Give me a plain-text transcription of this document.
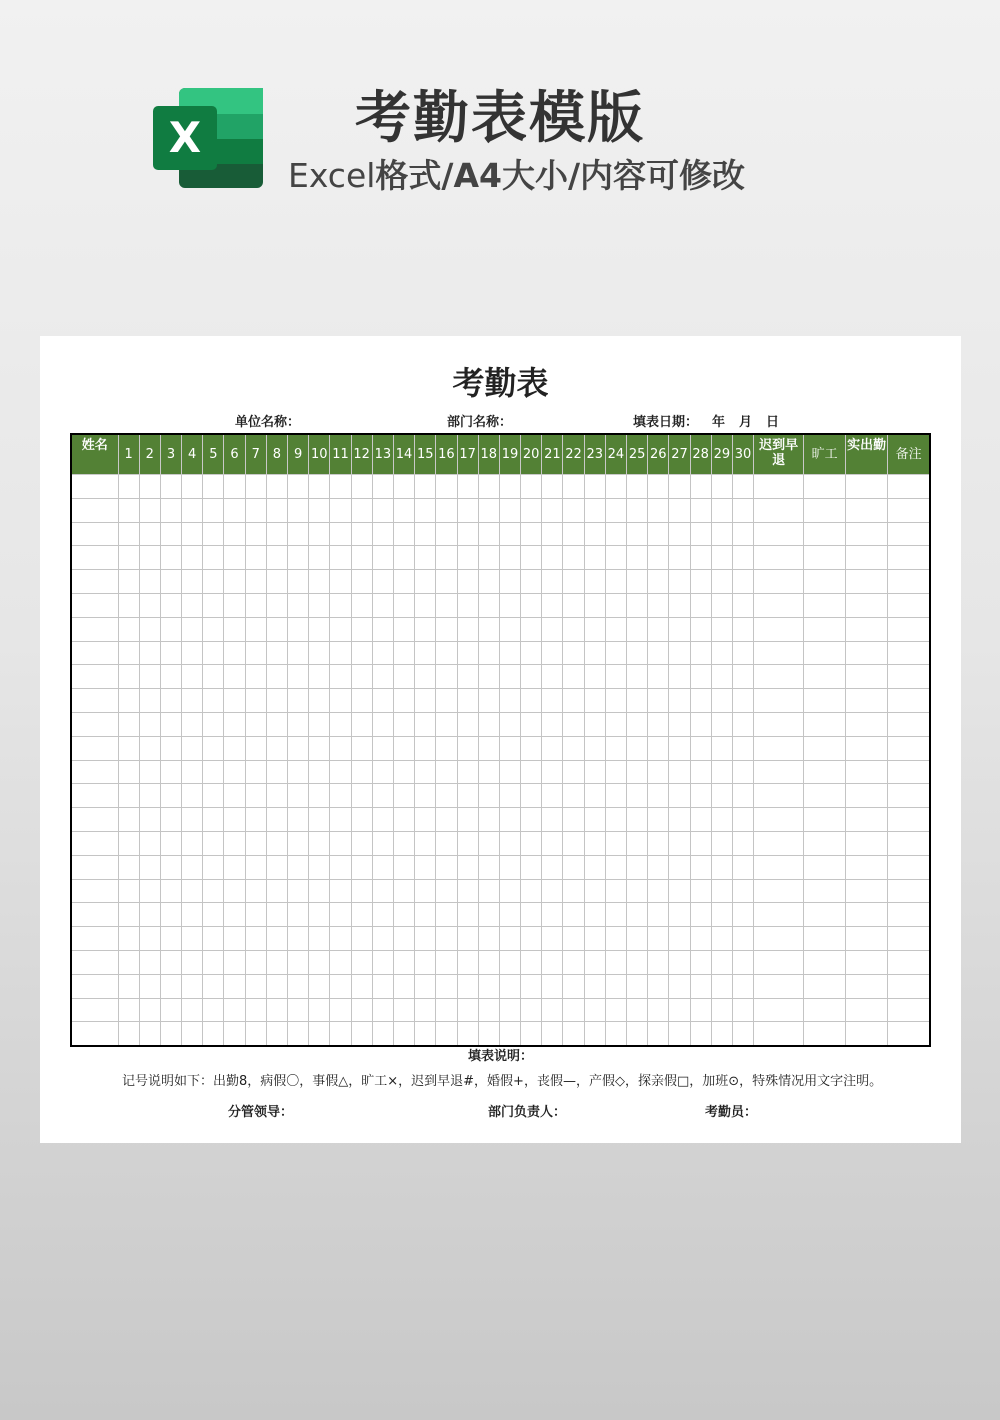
X	考勤表模版
Excel格式/A4大小/内容可修改
考勤表
单位名称：	部门名称：	填表日期： 年 月 日
姓名	1	2	3	4	5	6	7	8	9	10	11	12	13	14	15	16	17	18	19	20	21	22	23	24	25	26	27	28	29	30	迟到早退	旷工	实出勤	备注

填表说明：
记号说明如下：出勤8，病假〇，事假△，旷工×，迟到早退#，婚假+，丧假—，产假◇，探亲假□，加班⊙，特殊情况用文字注明。
分管领导：	部门负责人：	考勤员：
